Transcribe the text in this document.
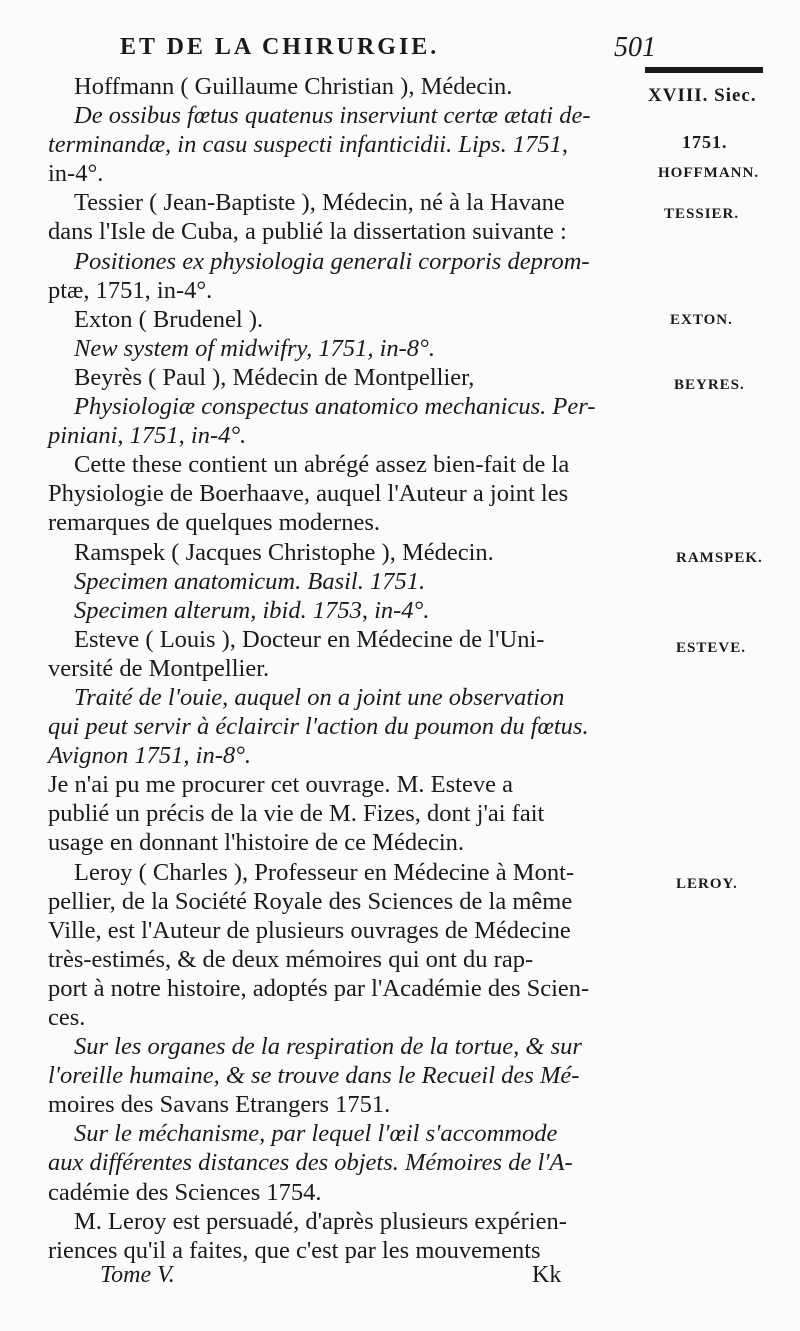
ET DE LA CHIRURGIE.	501
Hoffmann ( Guillaume Christian ), Médecin.
De ossibus fœtus quatenus inserviunt certæ ætati de-
terminandæ, in casu suspecti infanticidii. Lips. 1751,
in-4°.
Tessier ( Jean-Baptiste ), Médecin, né à la Havane
dans l'Isle de Cuba, a publié la dissertation suivante :
Positiones ex physiologia generali corporis deprom-
ptæ, 1751, in-4°.
Exton ( Brudenel ).
New system of midwifry, 1751, in-8°.
Beyrès ( Paul ), Médecin de Montpellier,
Physiologiæ conspectus anatomico mechanicus. Per-
piniani, 1751, in-4°.
Cette these contient un abrégé assez bien-fait de la
Physiologie de Boerhaave, auquel l'Auteur a joint les
remarques de quelques modernes.
Ramspek ( Jacques Christophe ), Médecin.
Specimen anatomicum. Basil. 1751.
Specimen alterum, ibid. 1753, in-4°.
Esteve ( Louis ), Docteur en Médecine de l'Uni-
versité de Montpellier.
Traité de l'ouie, auquel on a joint une observation
qui peut servir à éclaircir l'action du poumon du fœtus.
Avignon 1751, in-8°.
Je n'ai pu me procurer cet ouvrage. M. Esteve a
publié un précis de la vie de M. Fizes, dont j'ai fait
usage en donnant l'histoire de ce Médecin.
Leroy ( Charles ), Professeur en Médecine à Mont-
pellier, de la Société Royale des Sciences de la même
Ville, est l'Auteur de plusieurs ouvrages de Médecine
très-estimés, & de deux mémoires qui ont du rap-
port à notre histoire, adoptés par l'Académie des Scien-
ces.
Sur les organes de la respiration de la tortue, & sur
l'oreille humaine, & se trouve dans le Recueil des Mé-
moires des Savans Etrangers 1751.
Sur le méchanisme, par lequel l'œil s'accommode
aux différentes distances des objets. Mémoires de l'A-
cadémie des Sciences 1754.
M. Leroy est persuadé, d'après plusieurs expérien-
riences qu'il a faites, que c'est par les mouvements
XVIII. Siec.
1751.
HOFFMANN.
TESSIER.
EXTON.
BEYRES.
RAMSPEK.
ESTEVE.
LEROY.
Tome V.	Kk
